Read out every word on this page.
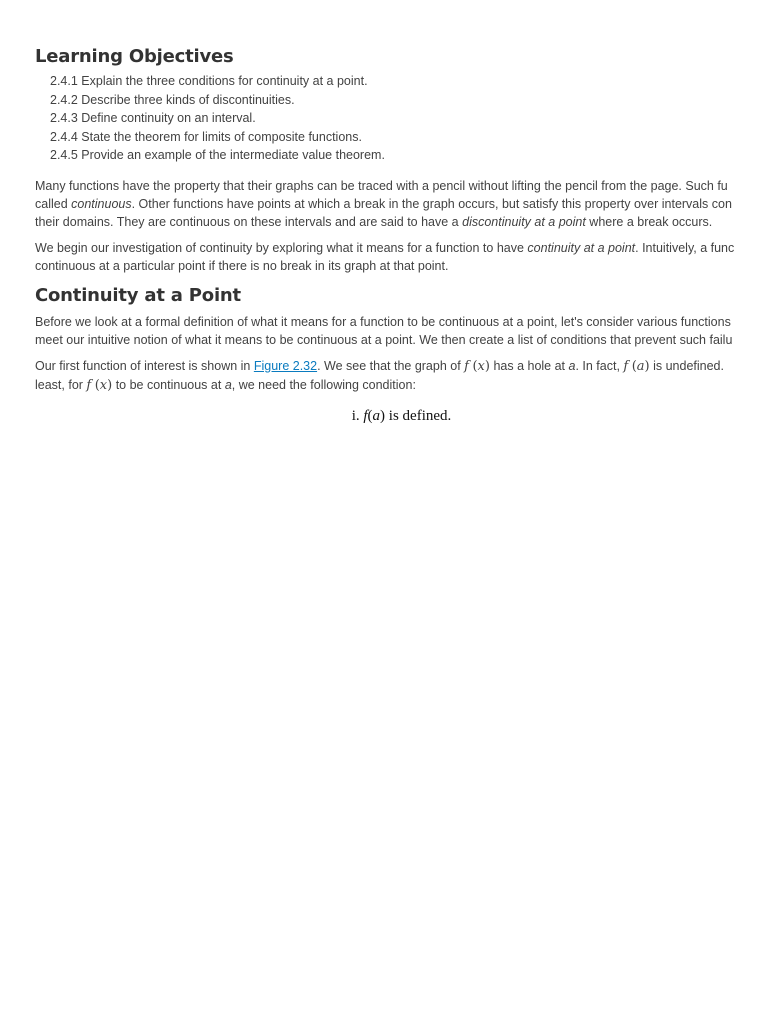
Learning Objectives
2.4.1 Explain the three conditions for continuity at a point.
2.4.2 Describe three kinds of discontinuities.
2.4.3 Define continuity on an interval.
2.4.4 State the theorem for limits of composite functions.
2.4.5 Provide an example of the intermediate value theorem.

Many functions have the property that their graphs can be traced with a pencil without lifting the pencil from the page. Such fu
called continuous. Other functions have points at which a break in the graph occurs, but satisfy this property over intervals con
their domains. They are continuous on these intervals and are said to have a discontinuity at a point where a break occurs.

We begin our investigation of continuity by exploring what it means for a function to have continuity at a point. Intuitively, a func
continuous at a particular point if there is no break in its graph at that point.

Continuity at a Point

Before we look at a formal definition of what it means for a function to be continuous at a point, let's consider various functions
meet our intuitive notion of what it means to be continuous at a point. We then create a list of conditions that prevent such failu

Our first function of interest is shown in Figure 2.32. We see that the graph of f (x) has a hole at a. In fact, f (a) is undefined.
least, for f (x) to be continuous at a, we need the following condition:

i. f(a) is defined.
